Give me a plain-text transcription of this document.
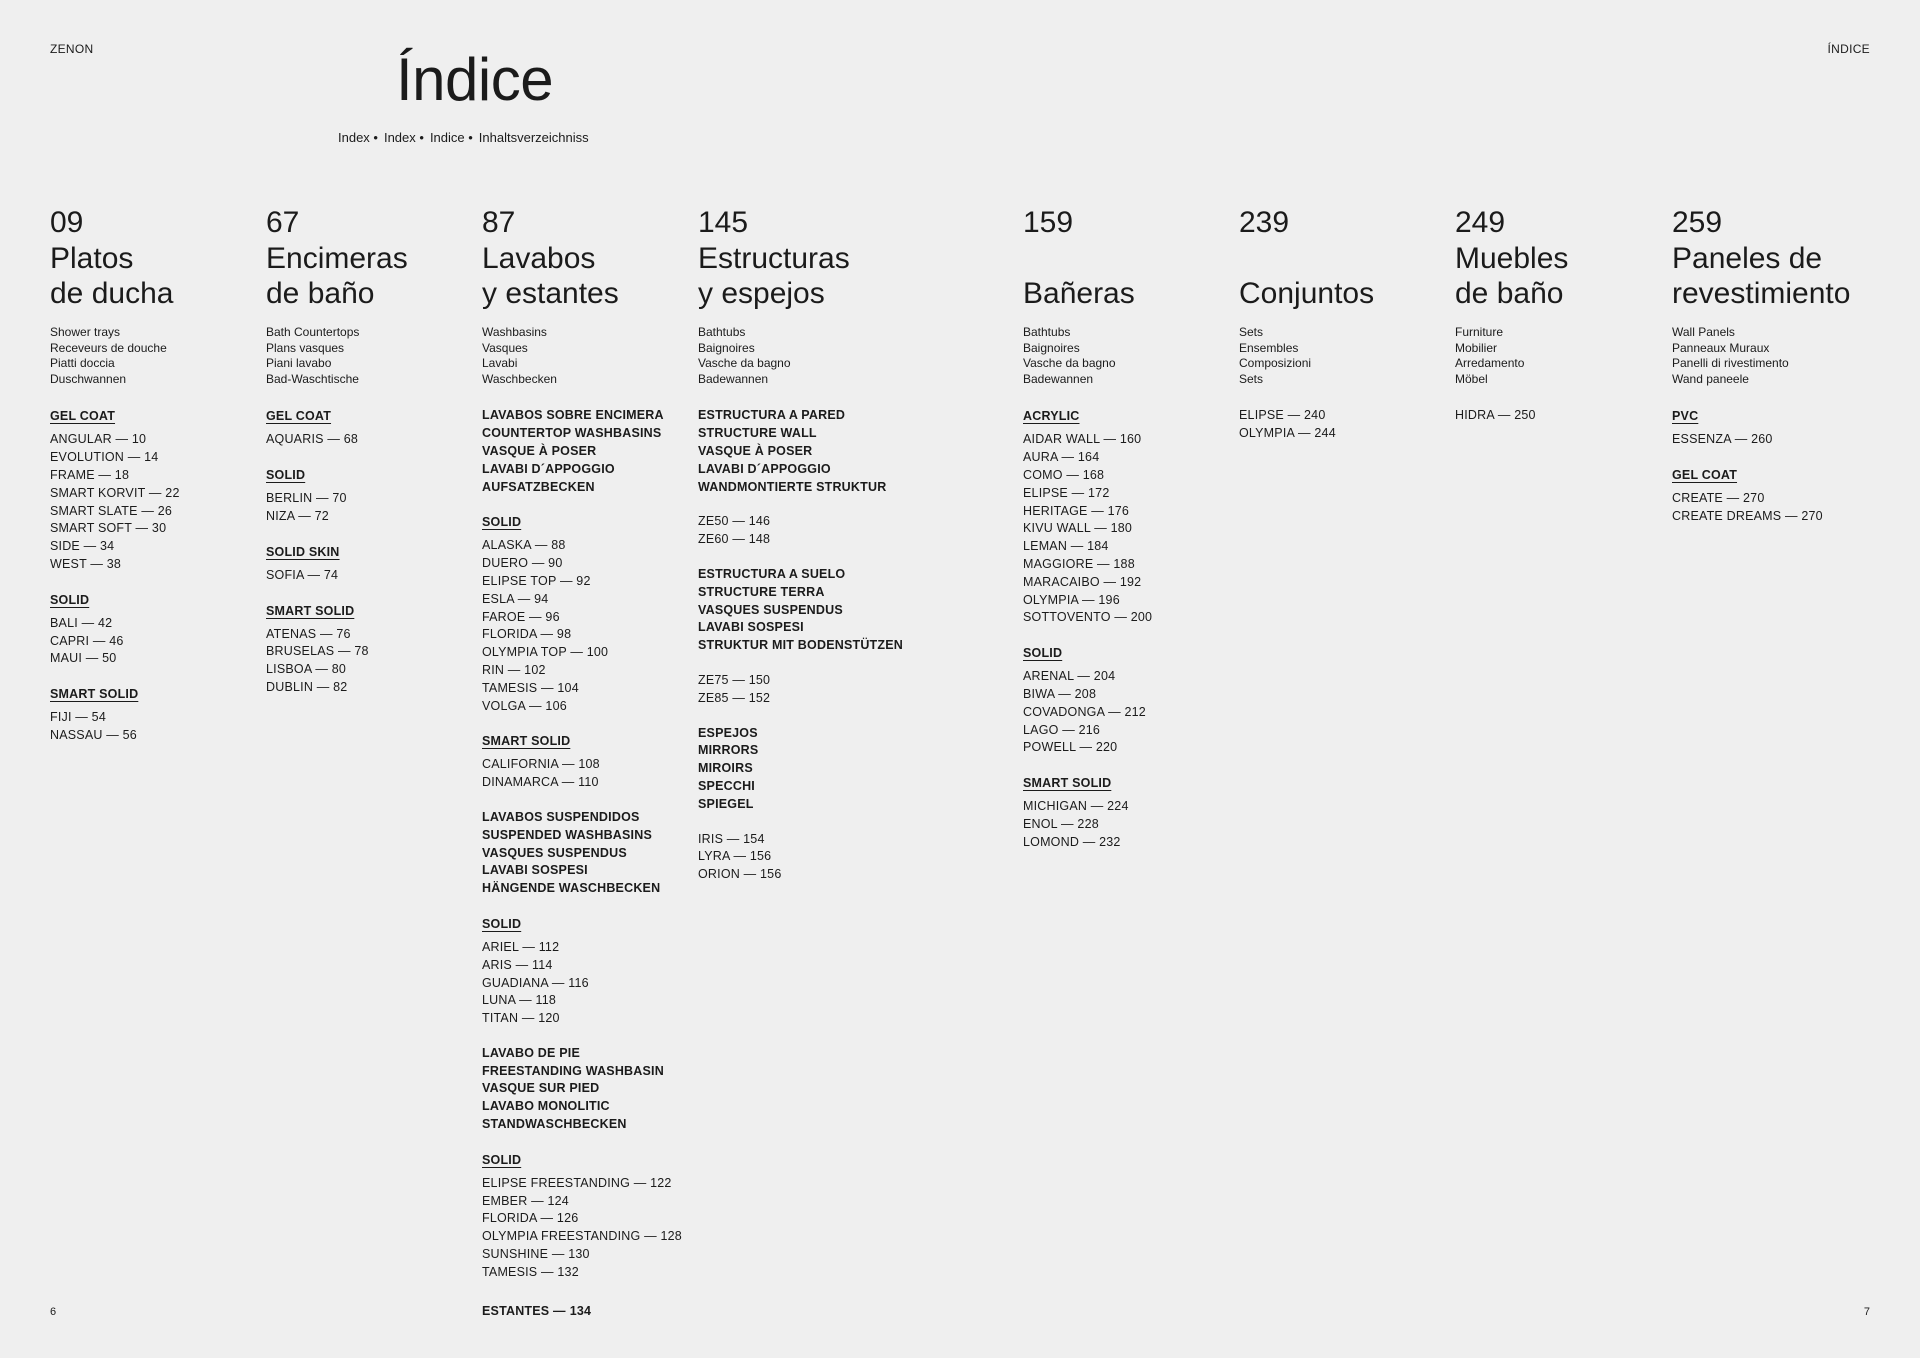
ZENON	ÍNDICE
Índice
Index • Index • Indice • Inhaltsverzeichniss
09
Platos
de ducha
Shower trays
Receveurs de douche
Piatti doccia
Duschwannen
GEL COAT
ANGULAR — 10
EVOLUTION — 14
FRAME — 18
SMART KORVIT — 22
SMART SLATE — 26
SMART SOFT — 30
SIDE — 34
WEST — 38
SOLID
BALI — 42
CAPRI — 46
MAUI — 50
SMART SOLID
FIJI — 54
NASSAU — 56
67
Encimeras
de baño
Bath Countertops
Plans vasques
Piani lavabo
Bad-Waschtische
GEL COAT
AQUARIS — 68
SOLID
BERLIN — 70
NIZA — 72
SOLID SKIN
SOFIA — 74
SMART SOLID
ATENAS — 76
BRUSELAS — 78
LISBOA — 80
DUBLIN — 82
87
Lavabos
y estantes
Washbasins
Vasques
Lavabi
Waschbecken
LAVABOS SOBRE ENCIMERA
COUNTERTOP WASHBASINS
VASQUE À POSER
LAVABI D´APPOGGIO
AUFSATZBECKEN
SOLID
ALASKA — 88
DUERO — 90
ELIPSE TOP — 92
ESLA — 94
FAROE — 96
FLORIDA — 98
OLYMPIA TOP — 100
RIN — 102
TAMESIS — 104
VOLGA — 106
SMART SOLID
CALIFORNIA — 108
DINAMARCA — 110
LAVABOS SUSPENDIDOS
SUSPENDED WASHBASINS
VASQUES SUSPENDUS
LAVABI SOSPESI
HÄNGENDE WASCHBECKEN
SOLID
ARIEL — 112
ARIS — 114
GUADIANA — 116
LUNA — 118
TITAN — 120
LAVABO DE PIE
FREESTANDING WASHBASIN
VASQUE SUR PIED
LAVABO MONOLITIC
STANDWASCHBECKEN
SOLID
ELIPSE FREESTANDING — 122
EMBER — 124
FLORIDA — 126
OLYMPIA FREESTANDING — 128
SUNSHINE — 130
TAMESIS — 132
145
Estructuras
y espejos
Bathtubs
Baignoires
Vasche da bagno
Badewannen
ESTRUCTURA A PARED
STRUCTURE WALL
VASQUE À POSER
LAVABI D´APPOGGIO
WANDMONTIERTE STRUKTUR
ZE50 — 146
ZE60 — 148
ESTRUCTURA A SUELO
STRUCTURE TERRA
VASQUES SUSPENDUS
LAVABI SOSPESI
STRUKTUR MIT BODENSTÜTZEN
ZE75 — 150
ZE85 — 152
ESPEJOS
MIRRORS
MIROIRS
SPECCHI
SPIEGEL
IRIS — 154
LYRA — 156
ORION — 156
159
Bañeras
Bathtubs
Baignoires
Vasche da bagno
Badewannen
ACRYLIC
AIDAR WALL — 160
AURA — 164
COMO — 168
ELIPSE — 172
HERITAGE — 176
KIVU WALL — 180
LEMAN — 184
MAGGIORE — 188
MARACAIBO — 192
OLYMPIA — 196
SOTTOVENTO — 200
SOLID
ARENAL — 204
BIWA — 208
COVADONGA — 212
LAGO — 216
POWELL — 220
SMART SOLID
MICHIGAN — 224
ENOL — 228
LOMOND — 232
239
Conjuntos
Sets
Ensembles
Composizioni
Sets
ELIPSE — 240
OLYMPIA — 244
249
Muebles
de baño
Furniture
Mobilier
Arredamento
Möbel
HIDRA — 250
259
Paneles de
revestimiento
Wall Panels
Panneaux Muraux
Panelli di rivestimento
Wand paneele
PVC
ESSENZA — 260
GEL COAT
CREATE — 270
CREATE DREAMS — 270
6	7
ESTANTES — 134
